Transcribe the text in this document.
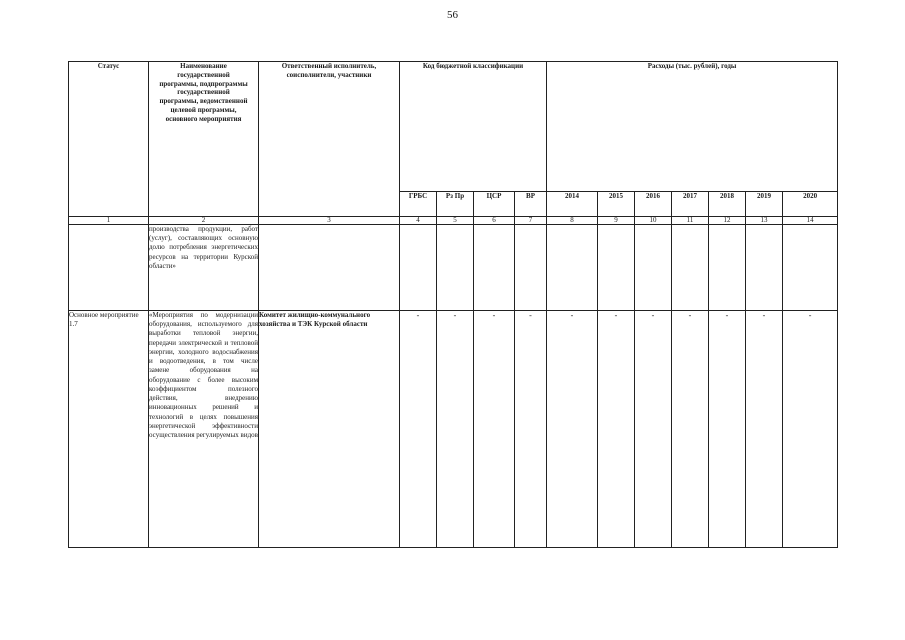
56
Статус	Наименование государственной программы, подпрограммы государственной программы, ведомственной целевой программы, основного мероприятия	Ответственный исполнитель, соисполнители, участники	Код бюджетной классификации				Расходы (тыс. рублей), годы						
			ГРБС	Рз Пр	ЦСР	ВР	2014	2015	2016	2017	2018	2019	2020
1	2	3	4	5	6	7	8	9	10	11	12	13	14
	производства продукции, работ (услуг), составляющих основную долю потребления энергетических ресурсов на территории Курской области»												
Основное мероприятие 1.7	«Мероприятия по модернизации оборудования, используемого для выработки тепловой энергии, передачи электрической и тепловой энергии, холодного водоснабжения и водоотведения, в том числе замене оборудования на оборудование с более высоким коэффициентом полезного действия, внедрению инновационных решений и технологий в целях повышения энергетической эффективности осуществления регулируемых видов	Комитет жилищно-коммунального хозяйства и ТЭК Курской области	-	-	-	-	-	-	-	-	-	-	-
